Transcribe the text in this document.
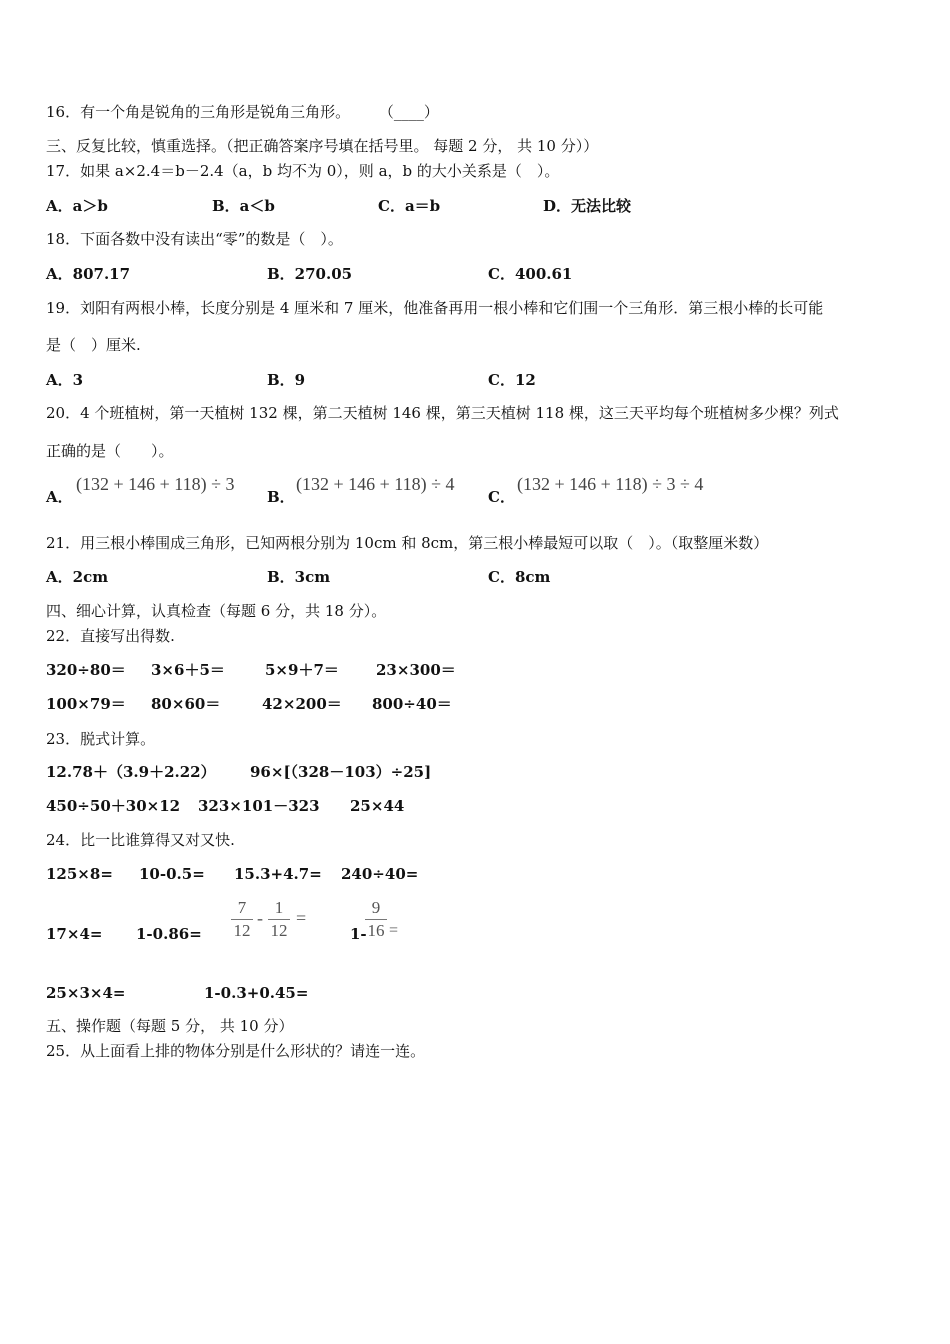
16．有一个角是锐角的三角形是锐角三角形。 （____）
三、反复比较，慎重选择。（把正确答案序号填在括号里。 每题 2 分， 共 10 分））
17．如果 a×2.4＝b－2.4（a，b 均不为 0），则 a，b 的大小关系是（　）。
A．a＞b	B．a＜b	C．a＝b	D．无法比较
18．下面各数中没有读出“零”的数是（　）。
A．807.17	B．270.05	C．400.61
19．刘阳有两根小棒，长度分别是 4 厘米和 7 厘米，他准备再用一根小棒和它们围一个三角形．第三根小棒的长可能
是（　）厘米.
A．3	B．9	C．12
20．4 个班植树，第一天植树 132 棵，第二天植树 146 棵，第三天植树 118 棵，这三天平均每个班植树多少棵？列式
正确的是（　　）。
A．
(132 + 146 + 118) ÷ 3
B．
(132 + 146 + 118) ÷ 4
C．
(132 + 146 + 118) ÷ 3 ÷ 4
21．用三根小棒围成三角形，已知两根分别为 10cm 和 8cm，第三根小棒最短可以取（　）。（取整厘米数）
A．2cm	B．3cm	C．8cm
四、细心计算，认真检查（每题 6 分，共 18 分）。
22．直接写出得数.
320÷80＝ 3×6＋5＝	5×9＋7＝ 23×300＝
100×79＝ 80×60＝	42×200＝ 800÷40＝
23．脱式计算。
12.78＋（3.9＋2.22） 96×[（328－103）÷25]
450÷50＋30×12 323×101－323 25×44
24．比一比谁算得又对又快.
125×8= 10-0.5= 15.3+4.7= 240÷40=
17×4= 1-0.86=
7
12
-
1
12
=
1-
9
16 =
25×3×4=	1-0.3+0.45=
五、操作题（每题 5 分， 共 10 分）
25．从上面看上排的物体分别是什么形状的？请连一连。
